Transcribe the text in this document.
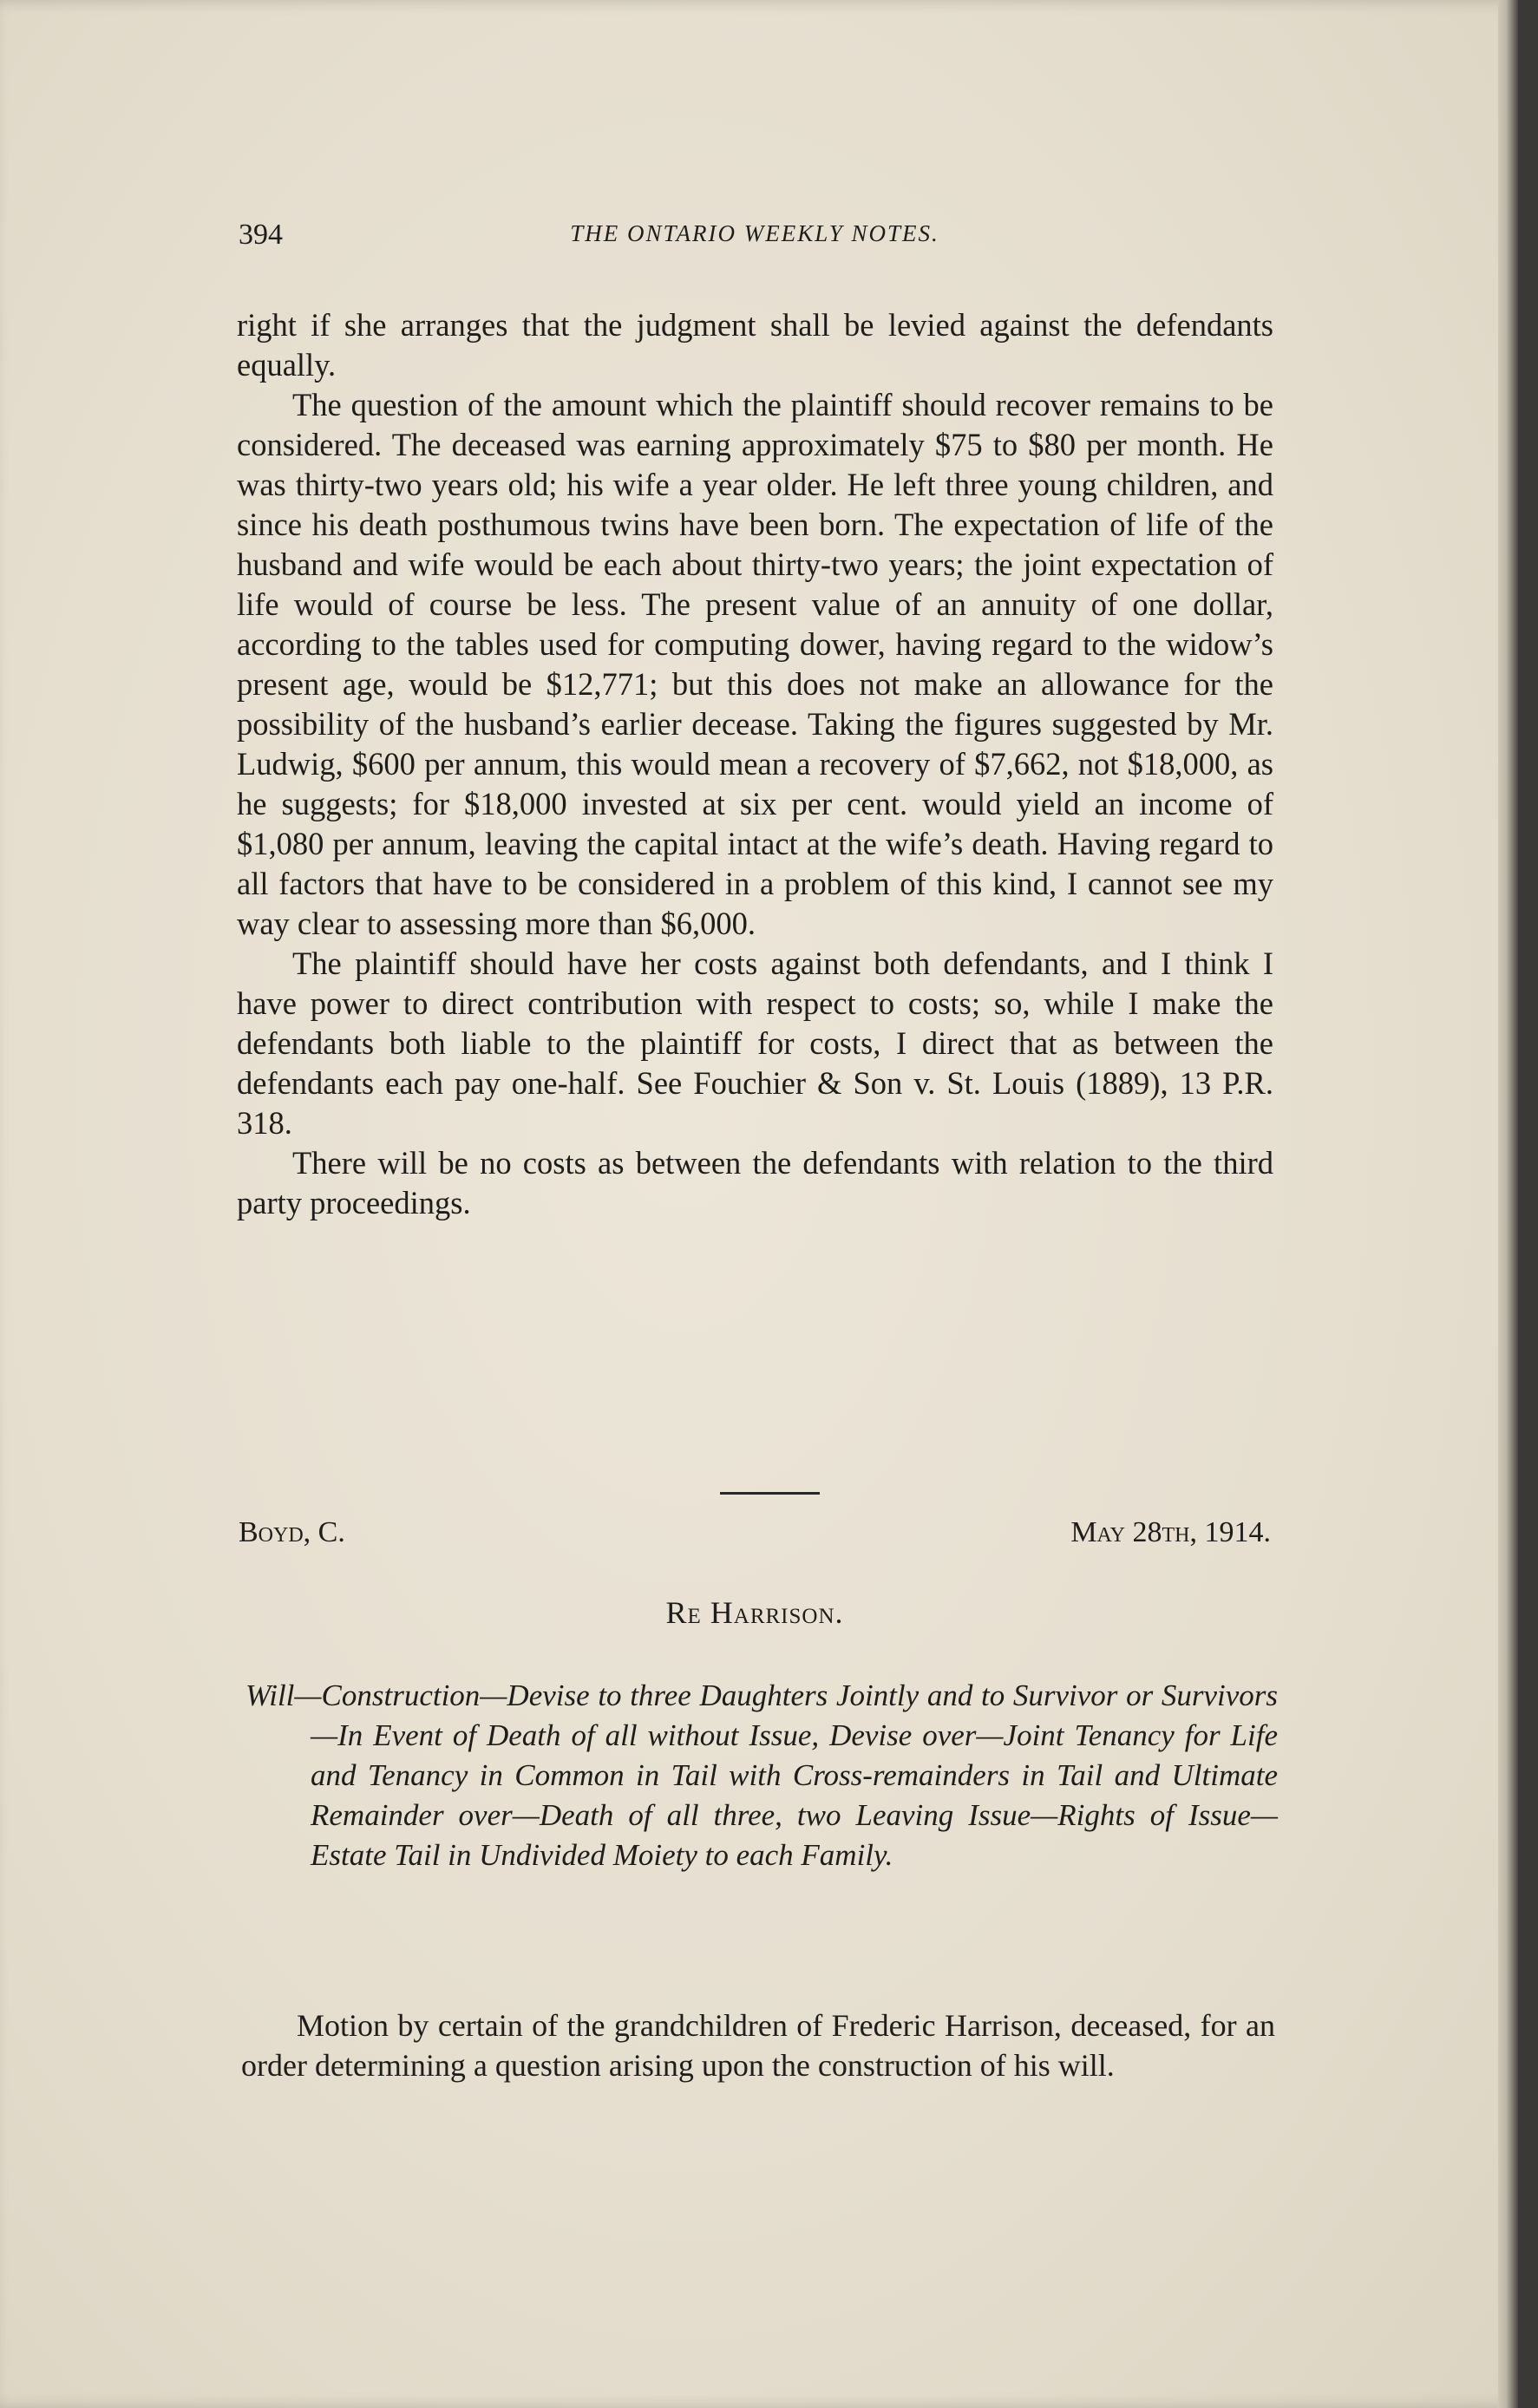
394	THE ONTARIO WEEKLY NOTES.

right if she arranges that the judgment shall be levied against the defendants equally.

The question of the amount which the plaintiff should recover remains to be considered. The deceased was earning approximately $75 to $80 per month. He was thirty-two years old; his wife a year older. He left three young children, and since his death posthumous twins have been born. The expectation of life of the husband and wife would be each about thirty-two years; the joint expectation of life would of course be less. The present value of an annuity of one dollar, according to the tables used for computing dower, having regard to the widow’s present age, would be $12,771; but this does not make an allowance for the possibility of the husband’s earlier decease. Taking the figures suggested by Mr. Ludwig, $600 per annum, this would mean a recovery of $7,662, not $18,000, as he suggests; for $18,000 invested at six per cent. would yield an income of $1,080 per annum, leaving the capital intact at the wife’s death. Having regard to all factors that have to be considered in a problem of this kind, I cannot see my way clear to assessing more than $6,000.

The plaintiff should have her costs against both defendants, and I think I have power to direct contribution with respect to costs; so, while I make the defendants both liable to the plaintiff for costs, I direct that as between the defendants each pay one-half. See Fouchier & Son v. St. Louis (1889), 13 P.R. 318.

There will be no costs as between the defendants with relation to the third party proceedings.

Boyd, C.	May 28th, 1914.
Re Harrison.
Will—Construction—Devise to three Daughters Jointly and to Survivor or Survivors—In Event of Death of all without Issue, Devise over—Joint Tenancy for Life and Tenancy in Common in Tail with Cross-remainders in Tail and Ultimate Remainder over—Death of all three, two Leaving Issue—Rights of Issue—Estate Tail in Undivided Moiety to each Family.
Motion by certain of the grandchildren of Frederic Harrison, deceased, for an order determining a question arising upon the construction of his will.
